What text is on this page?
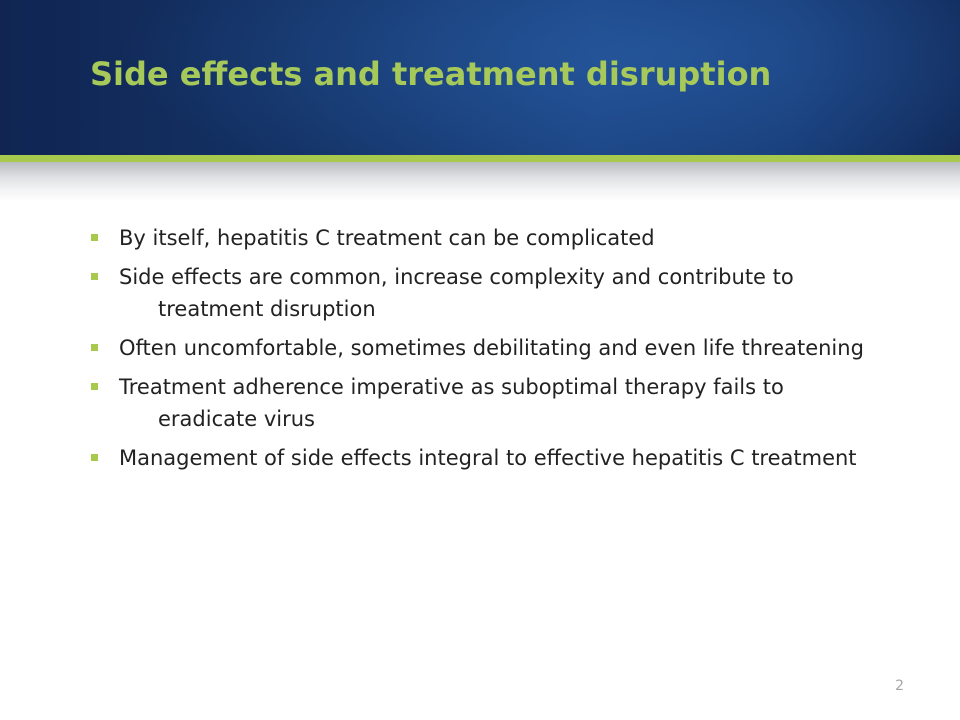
Side effects and treatment disruption
By itself, hepatitis C treatment can be complicated
Side effects are common, increase complexity and contribute to treatment disruption
Often uncomfortable, sometimes debilitating and even life threatening
Treatment adherence imperative as suboptimal therapy fails to eradicate virus
Management of side effects integral to effective hepatitis C treatment
2
